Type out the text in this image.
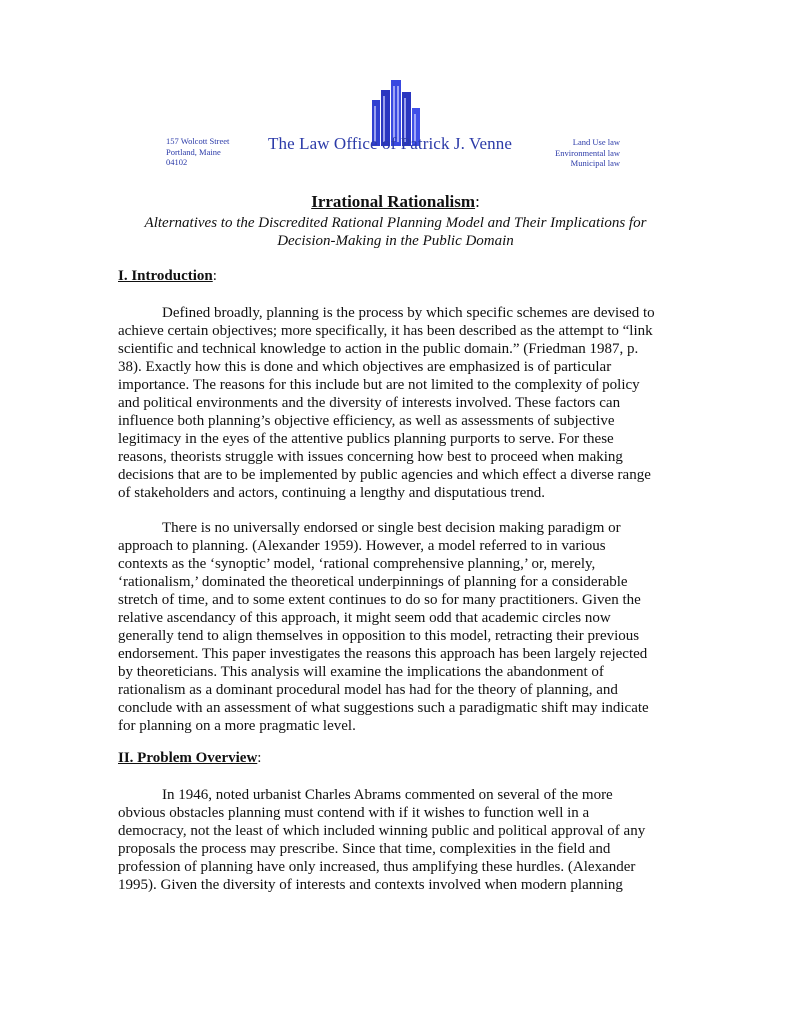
157 Wolcott Street
Portland, Maine
04102
The Law Office of Patrick J. Venne	Land Use law
Environmental law
Municipal law
Irrational Rationalism:
Alternatives to the Discredited Rational Planning Model and Their Implications for
Decision-Making in the Public Domain
I. Introduction:
Defined broadly, planning is the process by which specific schemes are devised to
achieve certain objectives; more specifically, it has been described as the attempt to “link
scientific and technical knowledge to action in the public domain.” (Friedman 1987, p.
38). Exactly how this is done and which objectives are emphasized is of particular
importance. The reasons for this include but are not limited to the complexity of policy
and political environments and the diversity of interests involved. These factors can
influence both planning’s objective efficiency, as well as assessments of subjective
legitimacy in the eyes of the attentive publics planning purports to serve. For these
reasons, theorists struggle with issues concerning how best to proceed when making
decisions that are to be implemented by public agencies and which effect a diverse range
of stakeholders and actors, continuing a lengthy and disputatious trend.
There is no universally endorsed or single best decision making paradigm or
approach to planning. (Alexander 1959). However, a model referred to in various
contexts as the ‘synoptic’ model, ‘rational comprehensive planning,’ or, merely,
‘rationalism,’ dominated the theoretical underpinnings of planning for a considerable
stretch of time, and to some extent continues to do so for many practitioners. Given the
relative ascendancy of this approach, it might seem odd that academic circles now
generally tend to align themselves in opposition to this model, retracting their previous
endorsement. This paper investigates the reasons this approach has been largely rejected
by theoreticians. This analysis will examine the implications the abandonment of
rationalism as a dominant procedural model has had for the theory of planning, and
conclude with an assessment of what suggestions such a paradigmatic shift may indicate
for planning on a more pragmatic level.
II. Problem Overview:
In 1946, noted urbanist Charles Abrams commented on several of the more
obvious obstacles planning must contend with if it wishes to function well in a
democracy, not the least of which included winning public and political approval of any
proposals the process may prescribe. Since that time, complexities in the field and
profession of planning have only increased, thus amplifying these hurdles. (Alexander
1995). Given the diversity of interests and contexts involved when modern planning
